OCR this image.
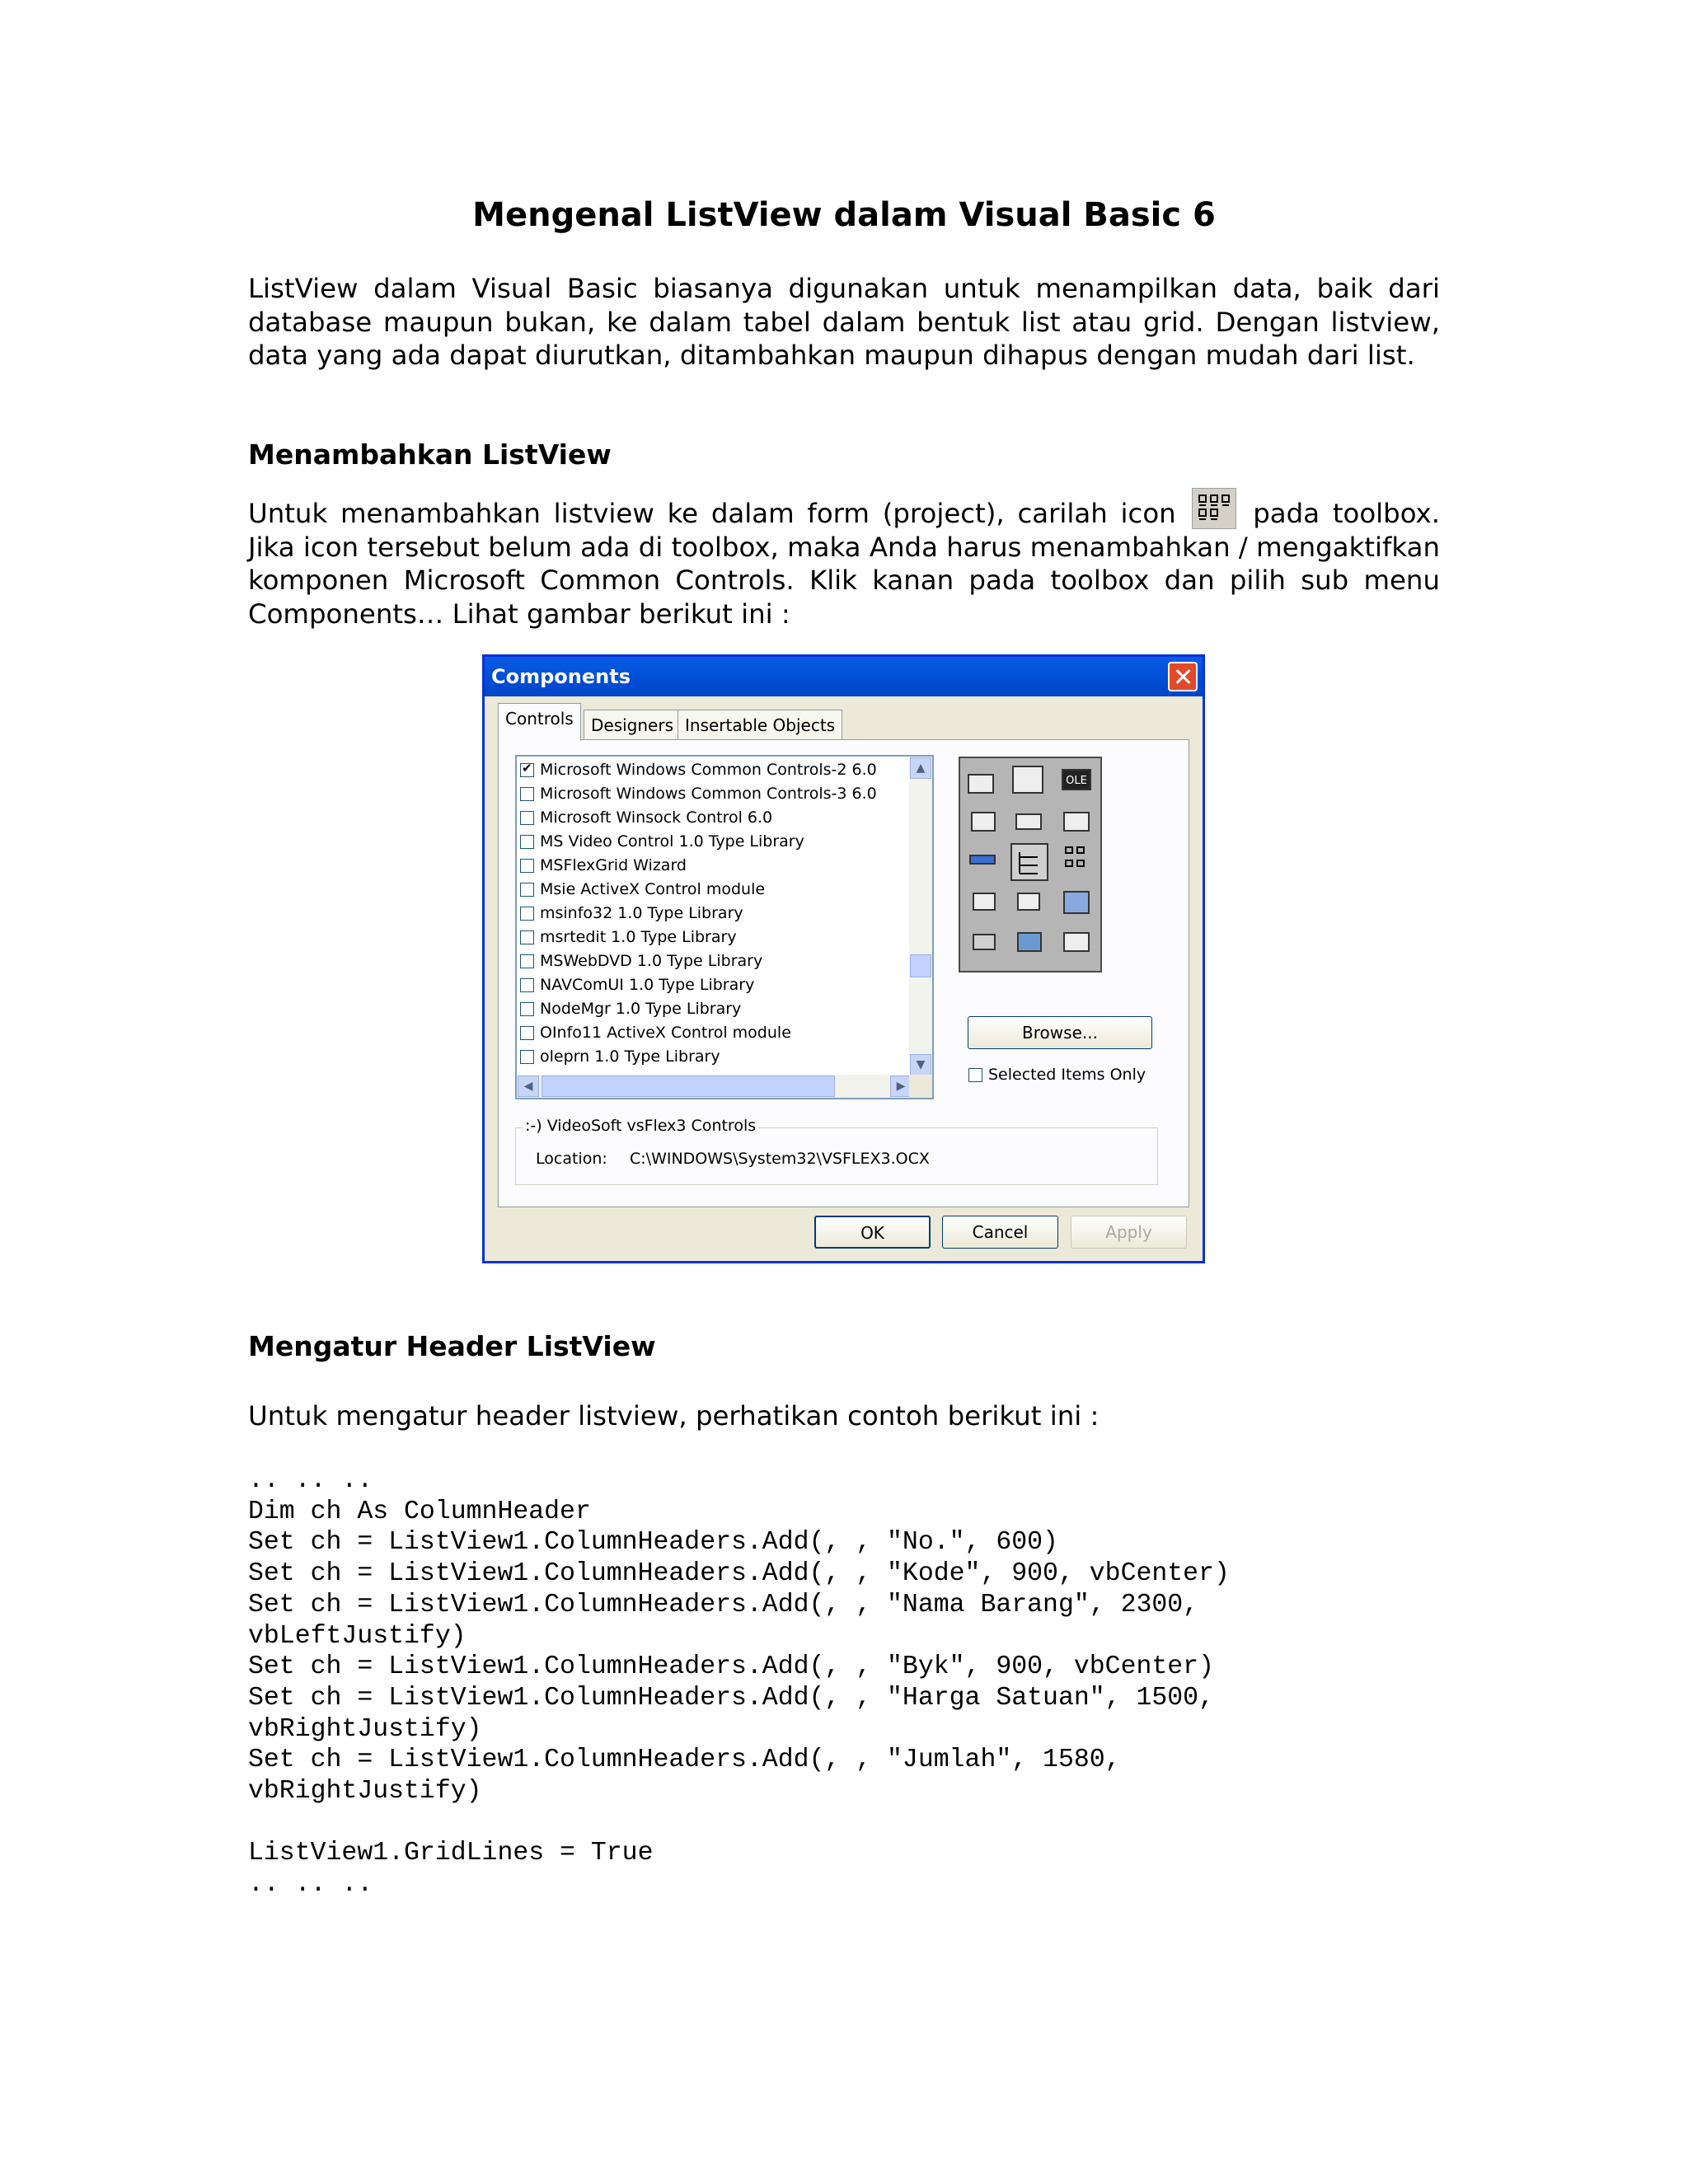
Mengenal ListView dalam Visual Basic 6

ListView dalam Visual Basic biasanya digunakan untuk menampilkan data, baik dari database maupun bukan, ke dalam tabel dalam bentuk list atau grid. Dengan listview, data yang ada dapat diurutkan, ditambahkan maupun dihapus dengan mudah dari list.

Menambahkan ListView

Untuk menambahkan listview ke dalam form (project), carilah icon	pada toolbox. Jika icon tersebut belum ada di toolbox, maka Anda harus menambahkan / mengaktifkan komponen Microsoft Common Controls. Klik kanan pada toolbox dan pilih sub menu Components… Lihat gambar berikut ini :

Components
Controls	Designers Insertable Objects
✔
Microsoft Windows Common Controls-2 6.0
Microsoft Windows Common Controls-3 6.0
Microsoft Winsock Control 6.0
MS Video Control 1.0 Type Library
MSFlexGrid Wizard
Msie ActiveX Control module
msinfo32 1.0 Type Library
msrtedit 1.0 Type Library
MSWebDVD 1.0 Type Library
NAVComUI 1.0 Type Library
NodeMgr 1.0 Type Library
OInfo11 ActiveX Control module
oleprn 1.0 Type Library
▲
▼
◀	▶
OLE
Browse...
Selected Items Only
:-) VideoSoft vsFlex3 Controls
Location: C:\WINDOWS\System32\VSFLEX3.OCX
OK	Cancel	Apply
Mengatur Header ListView

Untuk mengatur header listview, perhatikan contoh berikut ini :

.. .. ..
Dim ch As ColumnHeader
Set ch = ListView1.ColumnHeaders.Add(, , "No.", 600)
Set ch = ListView1.ColumnHeaders.Add(, , "Kode", 900, vbCenter)
Set ch = ListView1.ColumnHeaders.Add(, , "Nama Barang", 2300,
vbLeftJustify)
Set ch = ListView1.ColumnHeaders.Add(, , "Byk", 900, vbCenter)
Set ch = ListView1.ColumnHeaders.Add(, , "Harga Satuan", 1500,
vbRightJustify)
Set ch = ListView1.ColumnHeaders.Add(, , "Jumlah", 1580,
vbRightJustify)

ListView1.GridLines = True
.. .. ..
